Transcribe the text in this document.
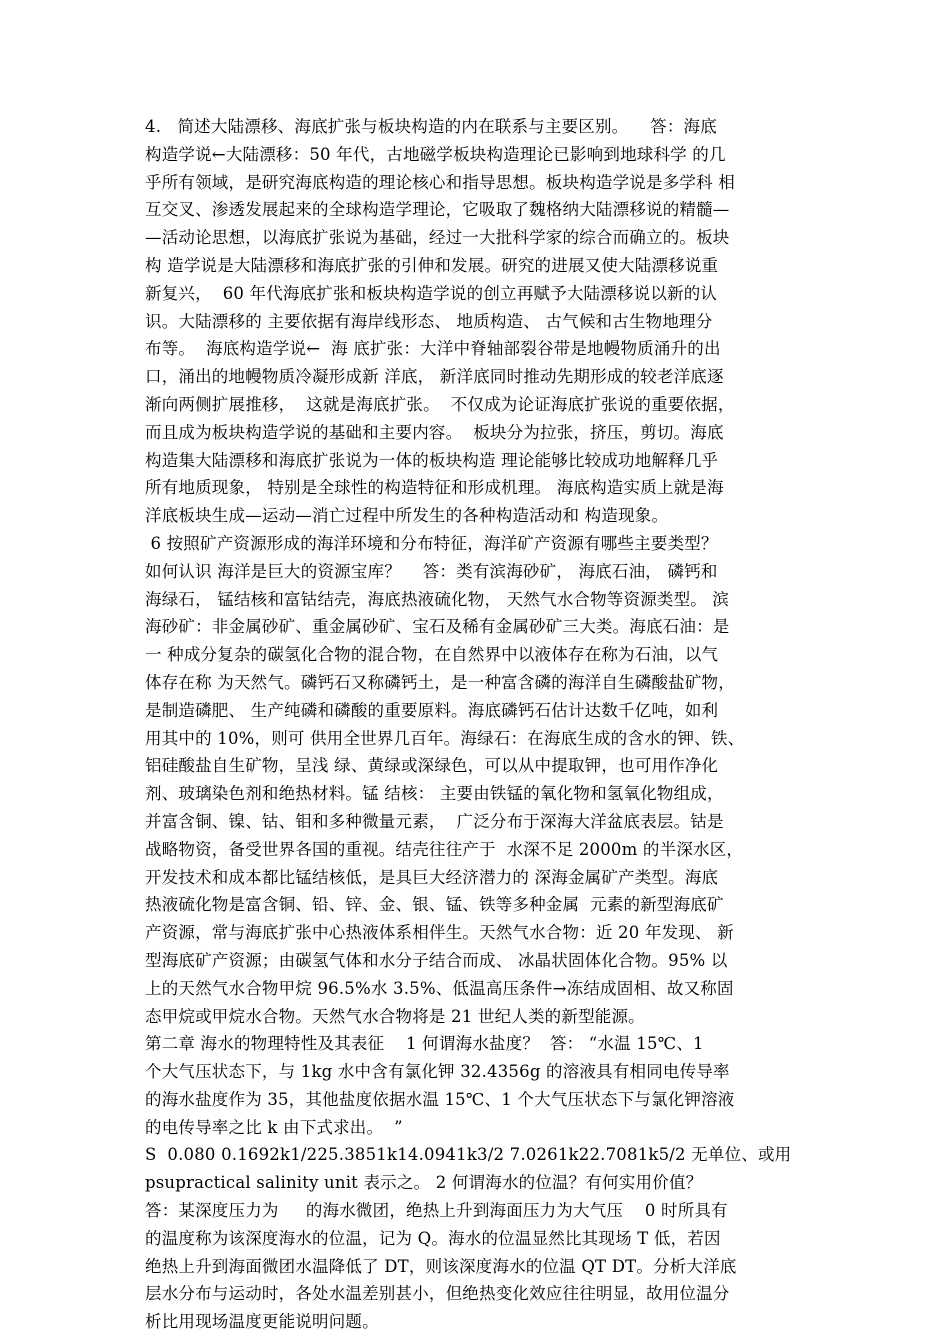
4.   简述大陆漂移、海底扩张与板块构造的内在联系与主要区别。    答：海底
构造学说←大陆漂移：50 年代，古地磁学板块构造理论已影响到地球科学 的几
乎所有领域，是研究海底构造的理论核心和指导思想。板块构造学说是多学科 相
互交叉、渗透发展起来的全球构造学理论，它吸取了魏格纳大陆漂移说的精髓—
—活动论思想，以海底扩张说为基础，经过一大批科学家的综合而确立的。板块
构 造学说是大陆漂移和海底扩张的引伸和发展。研究的进展又使大陆漂移说重
新复兴，  60 年代海底扩张和板块构造学说的创立再赋予大陆漂移说以新的认
识。大陆漂移的 主要依据有海岸线形态、 地质构造、 古气候和古生物地理分
布等。  海底构造学说←  海 底扩张：大洋中脊轴部裂谷带是地幔物质涌升的出
口，涌出的地幔物质冷凝形成新 洋底， 新洋底同时推动先期形成的较老洋底逐
渐向两侧扩展推移，  这就是海底扩张。  不仅成为论证海底扩张说的重要依据，
而且成为板块构造学说的基础和主要内容。  板块分为拉张，挤压，剪切。海底
构造集大陆漂移和海底扩张说为一体的板块构造 理论能够比较成功地解释几乎
所有地质现象， 特别是全球性的构造特征和形成机理。 海底构造实质上就是海
洋底板块生成—运动—消亡过程中所发生的各种构造活动和 构造现象。
6 按照矿产资源形成的海洋环境和分布特征，海洋矿产资源有哪些主要类型？
如何认识 海洋是巨大的资源宝库？    答：类有滨海砂矿， 海底石油， 磷钙和
海绿石， 锰结核和富钴结壳，海底热液硫化物， 天然气水合物等资源类型。 滨
海砂矿：非金属砂矿、重金属砂矿、宝石及稀有金属砂矿三大类。海底石油：是
一 种成分复杂的碳氢化合物的混合物，在自然界中以液体存在称为石油，以气
体存在称 为天然气。磷钙石又称磷钙土，是一种富含磷的海洋自生磷酸盐矿物，
是制造磷肥、 生产纯磷和磷酸的重要原料。海底磷钙石估计达数千亿吨，如利
用其中的 10%，则可 供用全世界几百年。海绿石：在海底生成的含水的钾、铁、
铝硅酸盐自生矿物，呈浅 绿、黄绿或深绿色，可以从中提取钾，也可用作净化
剂、玻璃染色剂和绝热材料。锰 结核： 主要由铁锰的氧化物和氢氧化物组成，
并富含铜、镍、钴、钼和多种微量元素，  广泛分布于深海大洋盆底表层。钴是
战略物资，备受世界各国的重视。结壳往往产于  水深不足 2000m 的半深水区，
开发技术和成本都比锰结核低，是具巨大经济潜力的 深海金属矿产类型。海底
热液硫化物是富含铜、铅、锌、金、银、锰、铁等多种金属  元素的新型海底矿
产资源，常与海底扩张中心热液体系相伴生。天然气水合物：近 20 年发现、 新
型海底矿产资源；由碳氢气体和水分子结合而成、 冰晶状固体化合物。95% 以
上的天然气水合物甲烷 96.5%水 3.5%、低温高压条件→冻结成固相、故又称固
态甲烷或甲烷水合物。天然气水合物将是 21 世纪人类的新型能源。
第二章 海水的物理特性及其表征    1 何谓海水盐度？  答： “水温 15℃、1
个大气压状态下，与 1kg 水中含有氯化钾 32.4356g 的溶液具有相同电传导率
的海水盐度作为 35，其他盐度依据水温 15℃、1 个大气压状态下与氯化钾溶液
的电传导率之比 k 由下式求出。  ”
S  0.080 0.1692k1/225.3851k14.0941k3/2 7.0261k22.7081k5/2 无单位、或用
psupractical salinity unit 表示之。 2 何谓海水的位温？有何实用价值？
答：某深度压力为     的海水微团，绝热上升到海面压力为大气压    0 时所具有
的温度称为该深度海水的位温，记为 Q。海水的位温显然比其现场 T 低，若因
绝热上升到海面微团水温降低了 DT，则该深度海水的位温 QT DT。分析大洋底
层水分布与运动时，各处水温差别甚小，但绝热变化效应往往明显，故用位温分
析比用现场温度更能说明问题。
